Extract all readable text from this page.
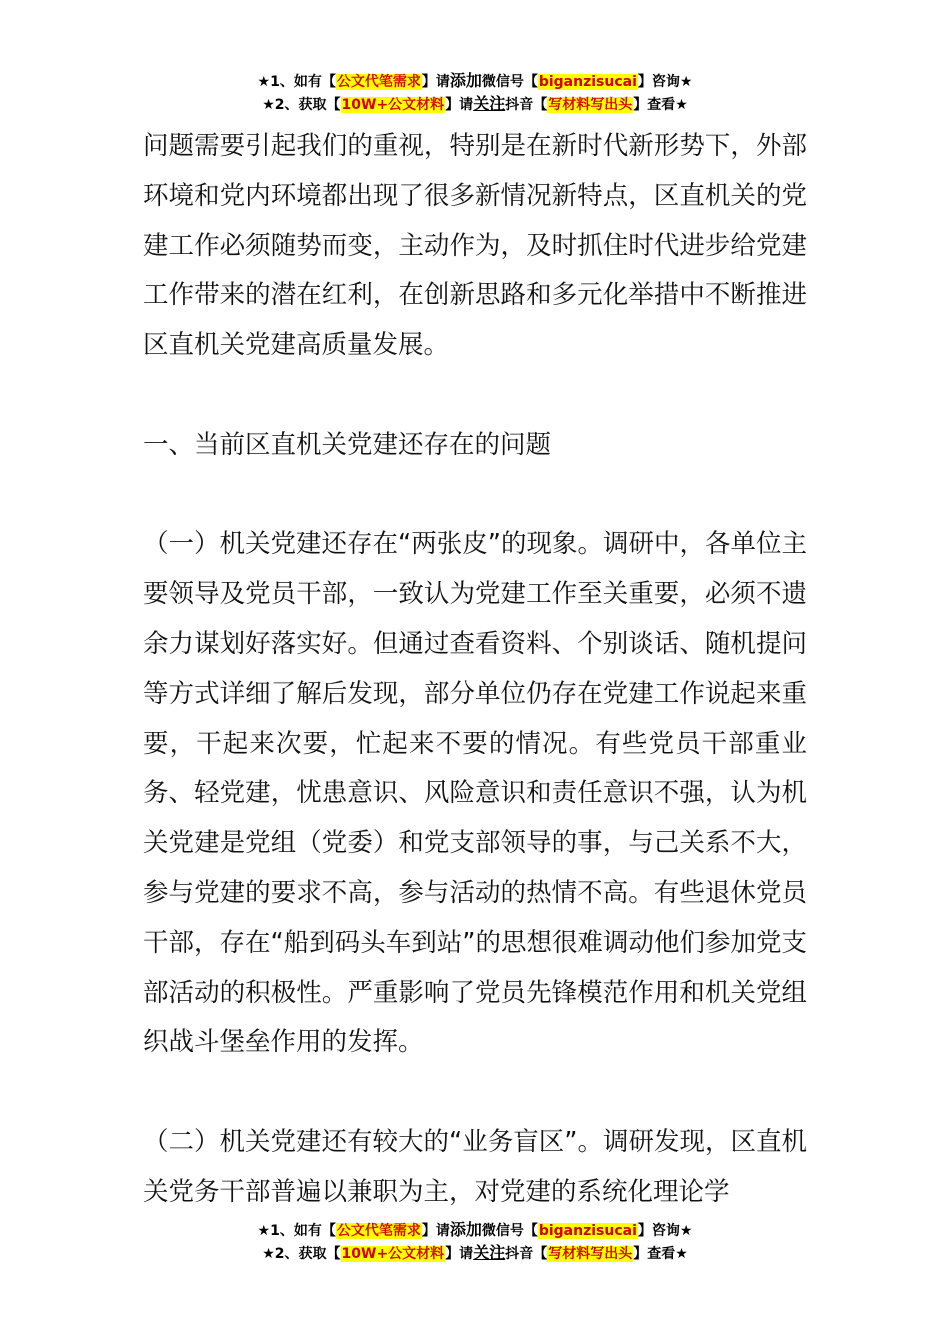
★1、如有【公文代笔需求】请添加微信号【biganzisucai】咨询★
★2、获取【10W+公文材料】请关注抖音【写材料写出头】查看★

问题需要引起我们的重视，特别是在新时代新形势下，外部环境和党内环境都出现了很多新情况新特点，区直机关的党建工作必须随势而变，主动作为，及时抓住时代进步给党建工作带来的潜在红利，在创新思路和多元化举措中不断推进区直机关党建高质量发展。

一、当前区直机关党建还存在的问题

（一）机关党建还存在“两张皮”的现象。调研中，各单位主要领导及党员干部，一致认为党建工作至关重要，必须不遗余力谋划好落实好。但通过查看资料、个别谈话、随机提问等方式详细了解后发现，部分单位仍存在党建工作说起来重要，干起来次要，忙起来不要的情况。有些党员干部重业务、轻党建，忧患意识、风险意识和责任意识不强，认为机关党建是党组（党委）和党支部领导的事，与己关系不大，参与党建的要求不高，参与活动的热情不高。有些退休党员干部，存在“船到码头车到站”的思想很难调动他们参加党支部活动的积极性。严重影响了党员先锋模范作用和机关党组织战斗堡垒作用的发挥。

（二）机关党建还有较大的“业务盲区”。调研发现，区直机关党务干部普遍以兼职为主，对党建的系统化理论学

★1、如有【公文代笔需求】请添加微信号【biganzisucai】咨询★
★2、获取【10W+公文材料】请关注抖音【写材料写出头】查看★
